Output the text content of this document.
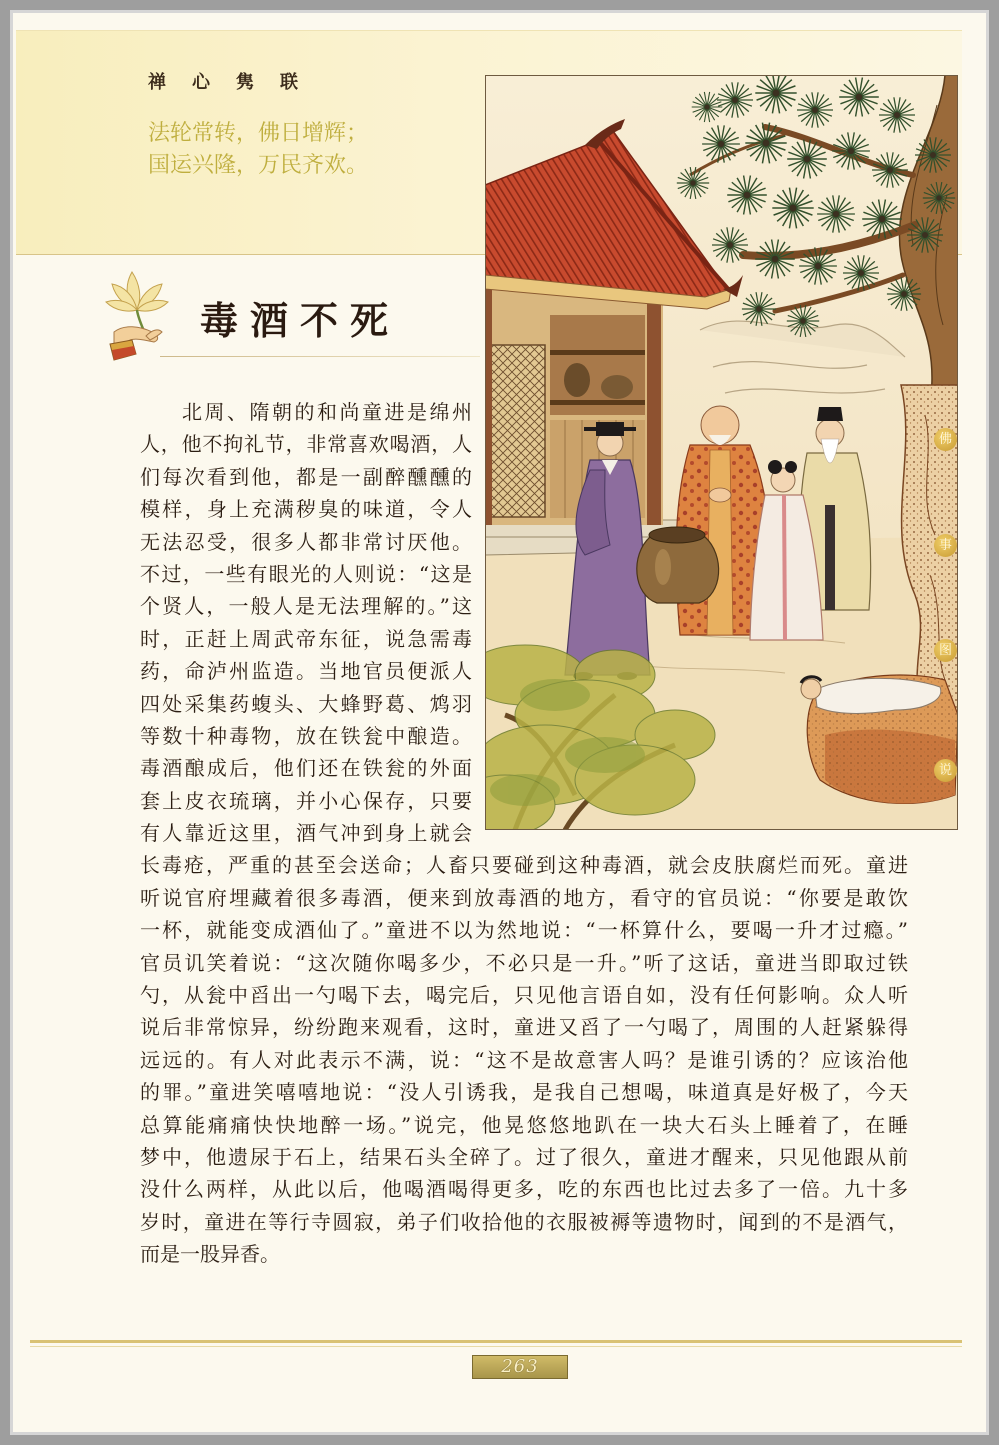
禅心隽联
法轮常转，佛日增辉；
国运兴隆，万民齐欢。
毒酒不死
北周、隋朝的和尚童进是绵州
人，他不拘礼节，非常喜欢喝酒，人
们每次看到他，都是一副醉醺醺的
模样，身上充满秽臭的味道，令人
无法忍受，很多人都非常讨厌他。
不过，一些有眼光的人则说：“这是
个贤人，一般人是无法理解的。”这
时，正赶上周武帝东征，说急需毒
药，命泸州监造。当地官员便派人
四处采集药蝮头、大蜂野葛、鸩羽
等数十种毒物，放在铁瓮中酿造。
毒酒酿成后，他们还在铁瓮的外面
套上皮衣琉璃，并小心保存，只要
有人靠近这里，酒气冲到身上就会
长毒疮，严重的甚至会送命；人畜只要碰到这种毒酒，就会皮肤腐烂而死。童进
听说官府埋藏着很多毒酒，便来到放毒酒的地方，看守的官员说：“你要是敢饮
一杯，就能变成酒仙了。”童进不以为然地说：“一杯算什么，要喝一升才过瘾。”
官员讥笑着说：“这次随你喝多少，不必只是一升。”听了这话，童进当即取过铁
勺，从瓮中舀出一勺喝下去，喝完后，只见他言语自如，没有任何影响。众人听
说后非常惊异，纷纷跑来观看，这时，童进又舀了一勺喝了，周围的人赶紧躲得
远远的。有人对此表示不满，说：“这不是故意害人吗？是谁引诱的？应该治他
的罪。”童进笑嘻嘻地说：“没人引诱我，是我自己想喝，味道真是好极了，今天
总算能痛痛快快地醉一场。”说完，他晃悠悠地趴在一块大石头上睡着了，在睡
梦中，他遗尿于石上，结果石头全碎了。过了很久，童进才醒来，只见他跟从前
没什么两样，从此以后，他喝酒喝得更多，吃的东西也比过去多了一倍。九十多
岁时，童进在等行寺圆寂，弟子们收拾他的衣服被褥等遗物时，闻到的不是酒气，
而是一股异香。
佛
事
图
说
263
